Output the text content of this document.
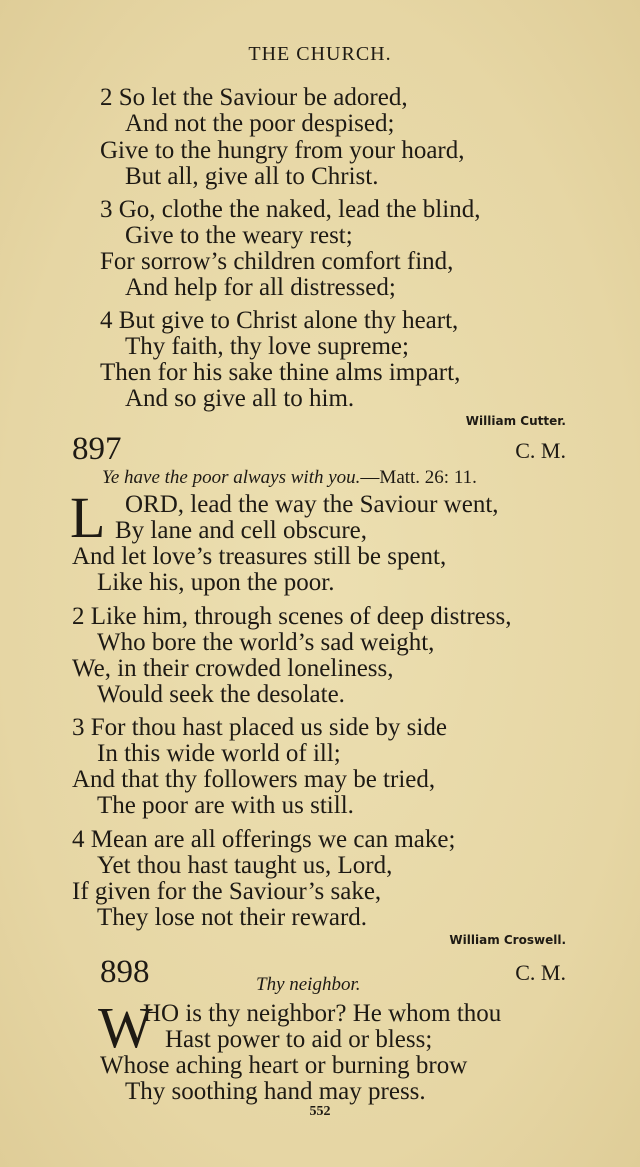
THE CHURCH.
2 So let the Saviour be adored,
And not the poor despised;
Give to the hungry from your hoard,
But all, give all to Christ.
3 Go, clothe the naked, lead the blind,
Give to the weary rest;
For sorrow’s children comfort find,
And help for all distressed;
4 But give to Christ alone thy heart,
Thy faith, thy love supreme;
Then for his sake thine alms impart,
And so give all to him.
William Cutter.
897	C. M.
Ye have the poor always with you.—Matt. 26: 11.
L ORD, lead the way the Saviour went,
By lane and cell obscure,
And let love’s treasures still be spent,
Like his, upon the poor.
2 Like him, through scenes of deep distress,
Who bore the world’s sad weight,
We, in their crowded loneliness,
Would seek the desolate.
3 For thou hast placed us side by side
In this wide world of ill;
And that thy followers may be tried,
The poor are with us still.
4 Mean are all offerings we can make;
Yet thou hast taught us, Lord,
If given for the Saviour’s sake,
They lose not their reward.
William Croswell.
898	Thy neighbor.	C. M.
W
HO is thy neighbor? He whom thou
Hast power to aid or bless;
Whose aching heart or burning brow
Thy soothing hand may press.
552
